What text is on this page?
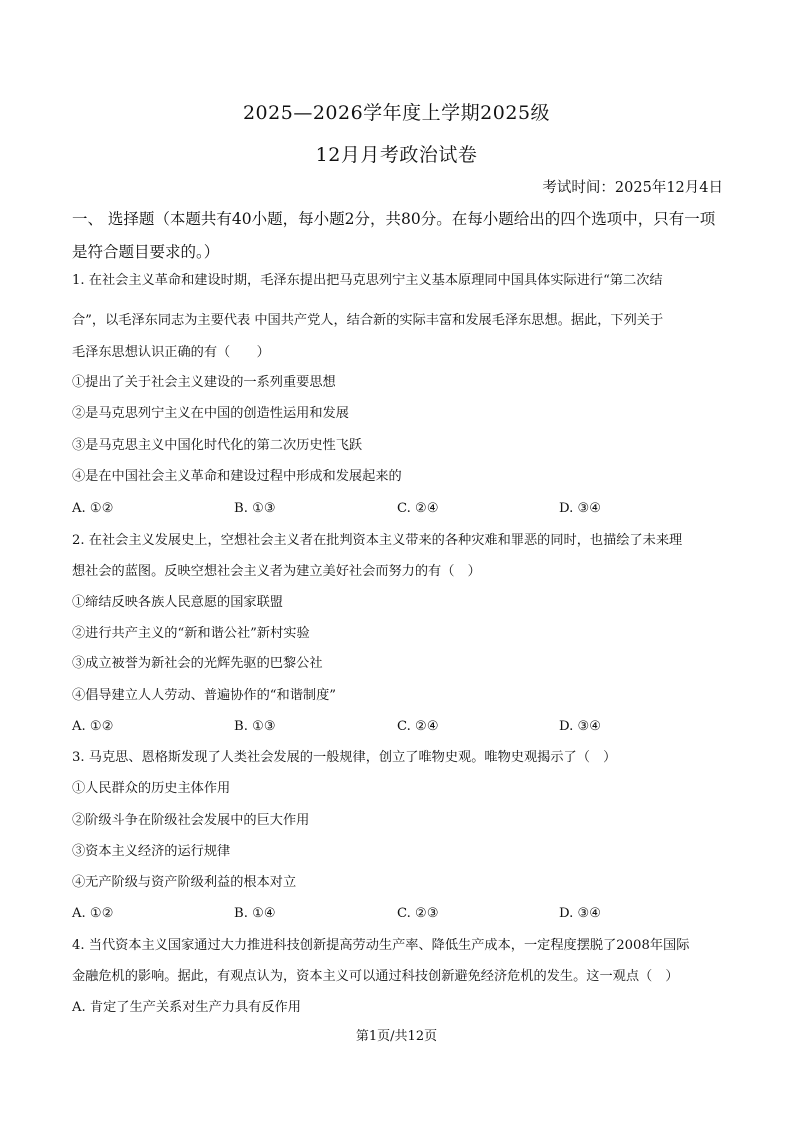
2025—2026学年度上学期2025级
12月月考政治试卷
考试时间：2025年12月4日
一、 选择题（本题共有40小题，每小题2分，共80分。在每小题给出的四个选项中，只有一项是符合题目要求的。）
1. 在社会主义革命和建设时期，毛泽东提出把马克思列宁主义基本原理同中国具体实际进行“第二次结
合”，以毛泽东同志为主要代表 中国共产党人，结合新的实际丰富和发展毛泽东思想。据此，下列关于
毛泽东思想认识正确的有（　　）
①提出了关于社会主义建设的一系列重要思想
②是马克思列宁主义在中国的创造性运用和发展
③是马克思主义中国化时代化的第二次历史性飞跃
④是在中国社会主义革命和建设过程中形成和发展起来的
A. ①②	B. ①③	C. ②④	D. ③④
2. 在社会主义发展史上，空想社会主义者在批判资本主义带来的各种灾难和罪恶的同时，也描绘了未来理
想社会的蓝图。反映空想社会主义者为建立美好社会而努力的有（　）
①缔结反映各族人民意愿的国家联盟
②进行共产主义的“新和谐公社”新村实验
③成立被誉为新社会的光辉先驱的巴黎公社
④倡导建立人人劳动、普遍协作的“和谐制度”
A. ①②	B. ①③	C. ②④	D. ③④
3. 马克思、恩格斯发现了人类社会发展的一般规律，创立了唯物史观。唯物史观揭示了（　）
①人民群众的历史主体作用
②阶级斗争在阶级社会发展中的巨大作用
③资本主义经济的运行规律
④无产阶级与资产阶级利益的根本对立
A. ①②	B. ①④	C. ②③	D. ③④
4. 当代资本主义国家通过大力推进科技创新提高劳动生产率、降低生产成本，一定程度摆脱了2008年国际
金融危机的影响。据此，有观点认为，资本主义可以通过科技创新避免经济危机的发生。这一观点（　）
A. 肯定了生产关系对生产力具有反作用
第1页/共12页
